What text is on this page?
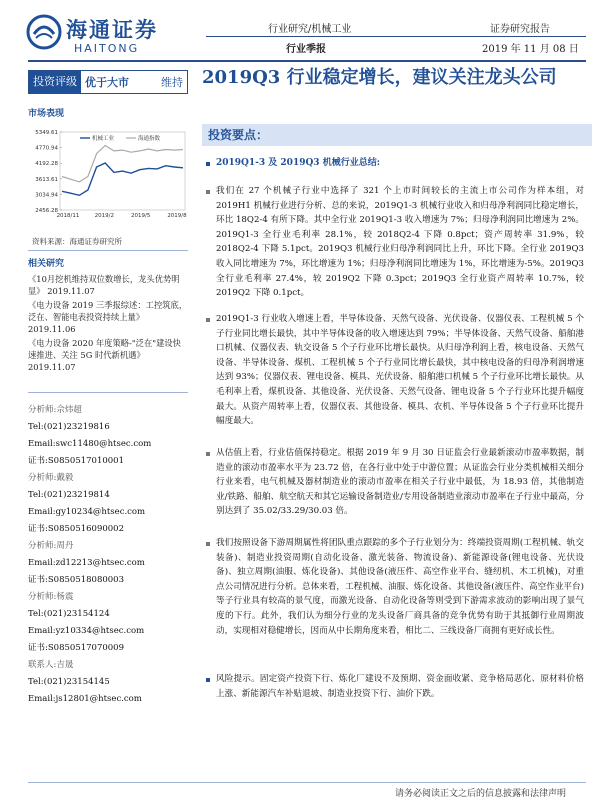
海通证券
HAITONG
行业研究/机械工业
行业季报
证券研究报告
2019 年 11 月 08 日
投资评级 优于大市	维持
市场表现
5349.61
4770.94
4192.28
3613.61
3034.94
2456.28
2018/11	2019/2	2019/5	2019/8
机械工业	海通指数
资料来源：海通证券研究所
相关研究
《10月挖机维持双位数增长，龙头优势明显》 2019.11.07
《电力设备 2019 三季报综述：工控筑底，泛在、智能电表投资持续上量》 2019.11.06
《电力设备 2020 年度策略-"泛在"建设快速推进、关注 5G 时代新机遇》 2019.11.07
分析师:佘炜超
Tel:(021)23219816
Email:swc11480@htsec.com
证书:S0850517010001
分析师:戴毅
Tel:(021)23219814
Email:gy10234@htsec.com
证书:S0850516090002
分析师:周丹
Email:zd12213@htsec.com
证书:S0850518080003
分析师:杨震
Tel:(021)23154124
Email:yz10334@htsec.com
证书:S0850517070009
联系人:吉晟
Tel:(021)23154145
Email:js12801@htsec.com
2019Q3 行业稳定增长，建议关注龙头公司
投资要点：
2019Q1-3 及 2019Q3 机械行业总结:
我们在 27 个机械子行业中选择了 321 个上市时间较长的主流上市公司作为样本组，对 2019H1 机械行业进行分析、总的来说，2019Q1-3 机械行业收入和归母净利润同比稳定增长，环比 18Q2-4 有所下降。其中全行业 2019Q1-3 收入增速为 7%；归母净利润同比增速为 2%。2019Q1-3 全行业毛利率 28.1%，较 2018Q2-4 下降 0.8pct；资产周转率 31.9%，较 2018Q2-4 下降 5.1pct。2019Q3 机械行业归母净利润同比上升，环比下降。全行业 2019Q3 收入同比增速为 7%，环比增速为 1%；归母净利润同比增速为 1%，环比增速为-5%。2019Q3 全行业毛利率 27.4%，较 2019Q2 下降 0.3pct；2019Q3 全行业资产周转率 10.7%，较 2019Q2 下降 0.1pct。
2019Q1-3 行业收入增速上看，半导体设备、天然气设备、光伏设备、仪器仪表、工程机械 5 个子行业同比增长最快，其中半导体设备的收入增速达到 79%；半导体设备、天然气设备、船舶港口机械、仪器仪表、轨交设备 5 个子行业环比增长最快。从归母净利润上看，核电设备、天然气设备、半导体设备、煤机、工程机械 5 个子行业同比增长最快，其中核电设备的归母净利润增速达到 93%；仪器仪表、锂电设备、模具、光伏设备、船舶港口机械 5 个子行业环比增长最快。从毛利率上看，煤机设备、其他设备、光伏设备、天然气设备、锂电设备 5 个子行业环比提升幅度最大。从资产周转率上看，仪器仪表、其他设备、模具、农机、半导体设备 5 个子行业环比提升幅度最大。
从估值上看，行业估值保持稳定。根据 2019 年 9 月 30 日证监会行业最新滚动市盈率数据，制造业的滚动市盈率水平为 23.72 倍，在各行业中处于中游位置；从证监会行业分类机械相关细分行业来看，电气机械及器材制造业的滚动市盈率在相关子行业中最低，为 18.93 倍，其他制造业/铁路、船舶、航空航天和其它运输设备制造业/专用设备制造业滚动市盈率在子行业中最高，分别达到了 35.02/33.29/30.03 倍。
我们按照设备下游周期属性将团队重点跟踪的多个子行业划分为：终端投资周期(工程机械、轨交装备)、制造业投资周期(自动化设备、激光装备、物流设备)、新能源设备(锂电设备、光伏设备)、独立周期(油服、炼化设备)、其他设备(液压件、高空作业平台、缝纫机、木工机械)，对重点公司情况进行分析。总体来看，工程机械、油服、炼化设备、其他设备(液压件、高空作业平台)等子行业具有较高的景气度，而激光设备、自动化设备等则受到下游需求波动的影响出现了景气度的下行。此外，我们认为细分行业的龙头设备厂商具备的竞争优势有助于其抵御行业周期波动，实现相对稳健增长，因而从中长期角度来看，相比二、三线设备厂商拥有更好成长性。
风险提示。固定资产投资下行、炼化厂建设不及预期、资金面收紧、竞争格局恶化、原材料价格上涨、新能源汽车补贴退坡、制造业投资下行、油价下跌。
请务必阅读正文之后的信息披露和法律声明
